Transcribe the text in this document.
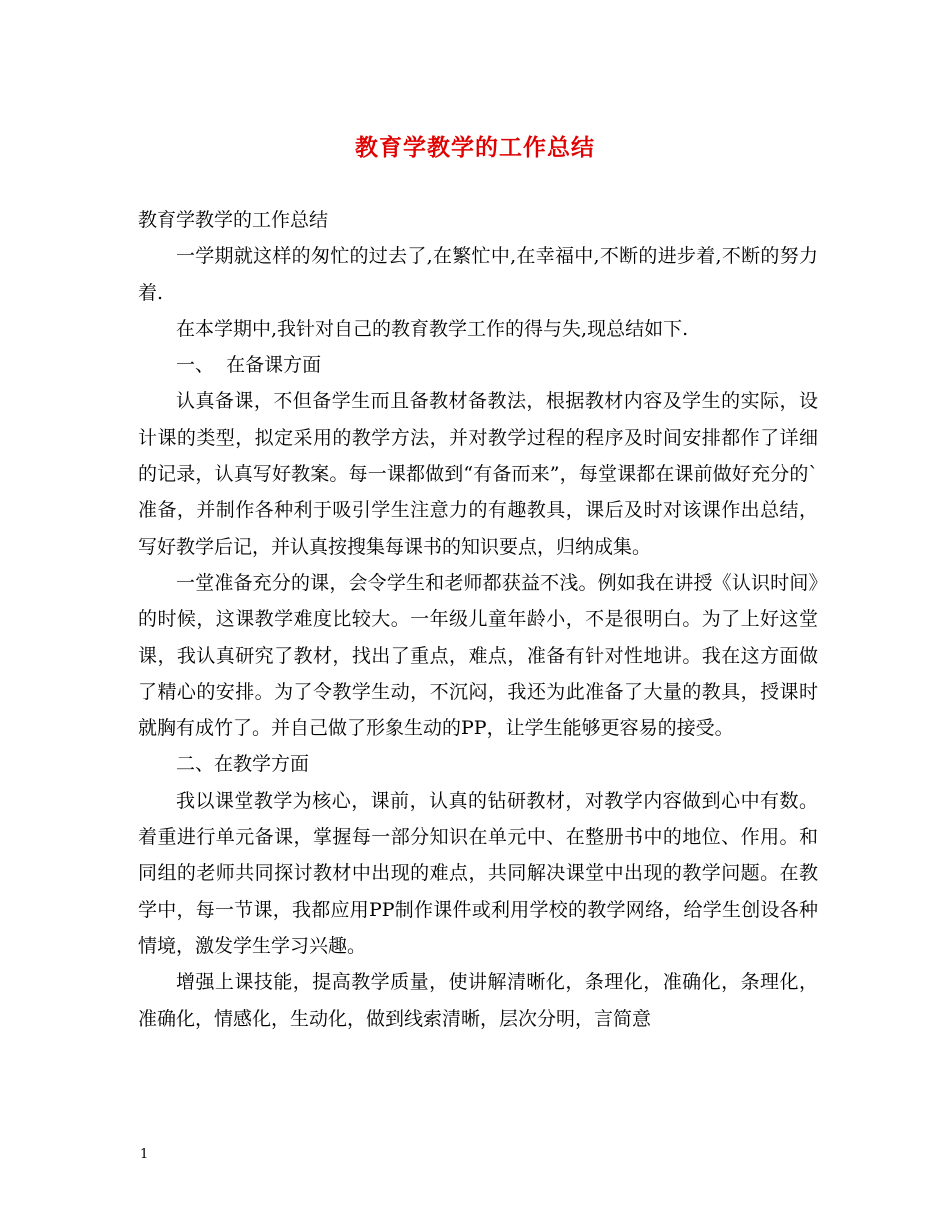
教育学教学的工作总结

教育学教学的工作总结

一学期就这样的匆忙的过去了,在繁忙中,在幸福中,不断的进步着,不断的努力着.

在本学期中,我针对自己的教育教学工作的得与失,现总结如下.

一、  在备课方面

认真备课，不但备学生而且备教材备教法，根据教材内容及学生的实际，设计课的类型，拟定采用的教学方法，并对教学过程的程序及时间安排都作了详细的记录，认真写好教案。每一课都做到“有备而来”，每堂课都在课前做好充分的`准备，并制作各种利于吸引学生注意力的有趣教具，课后及时对该课作出总结，写好教学后记，并认真按搜集每课书的知识要点，归纳成集。

一堂准备充分的课，会令学生和老师都获益不浅。例如我在讲授《认识时间》的时候，这课教学难度比较大。一年级儿童年龄小，不是很明白。为了上好这堂课，我认真研究了教材，找出了重点，难点，准备有针对性地讲。我在这方面做了精心的安排。为了令教学生动，不沉闷，我还为此准备了大量的教具，授课时就胸有成竹了。并自己做了形象生动的PP，让学生能够更容易的接受。

二、在教学方面

我以课堂教学为核心，课前，认真的钻研教材，对教学内容做到心中有数。着重进行单元备课，掌握每一部分知识在单元中、在整册书中的地位、作用。和同组的老师共同探讨教材中出现的难点，共同解决课堂中出现的教学问题。在教学中，每一节课，我都应用PP制作课件或利用学校的教学网络，给学生创设各种情境，激发学生学习兴趣。

增强上课技能，提高教学质量，使讲解清晰化，条理化，准确化，条理化，准确化，情感化，生动化，做到线索清晰，层次分明，言简意

1
